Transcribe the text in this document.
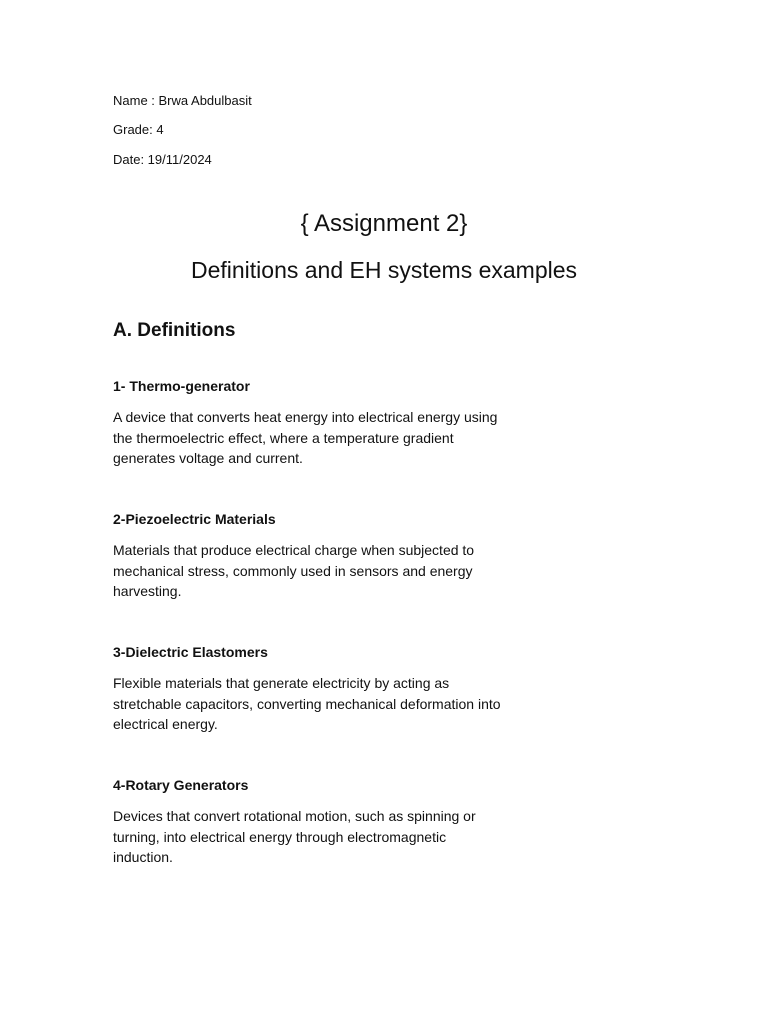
Name : Brwa Abdulbasit
Grade: 4
Date: 19/11/2024
{ Assignment 2}
Definitions and EH systems examples
A. Definitions
1- Thermo-generator

A device that converts heat energy into electrical energy using the thermoelectric effect, where a temperature gradient generates voltage and current.

2-Piezoelectric Materials

Materials that produce electrical charge when subjected to mechanical stress, commonly used in sensors and energy harvesting.

3-Dielectric Elastomers

Flexible materials that generate electricity by acting as stretchable capacitors, converting mechanical deformation into electrical energy.

4-Rotary Generators

Devices that convert rotational motion, such as spinning or turning, into electrical energy through electromagnetic induction.
